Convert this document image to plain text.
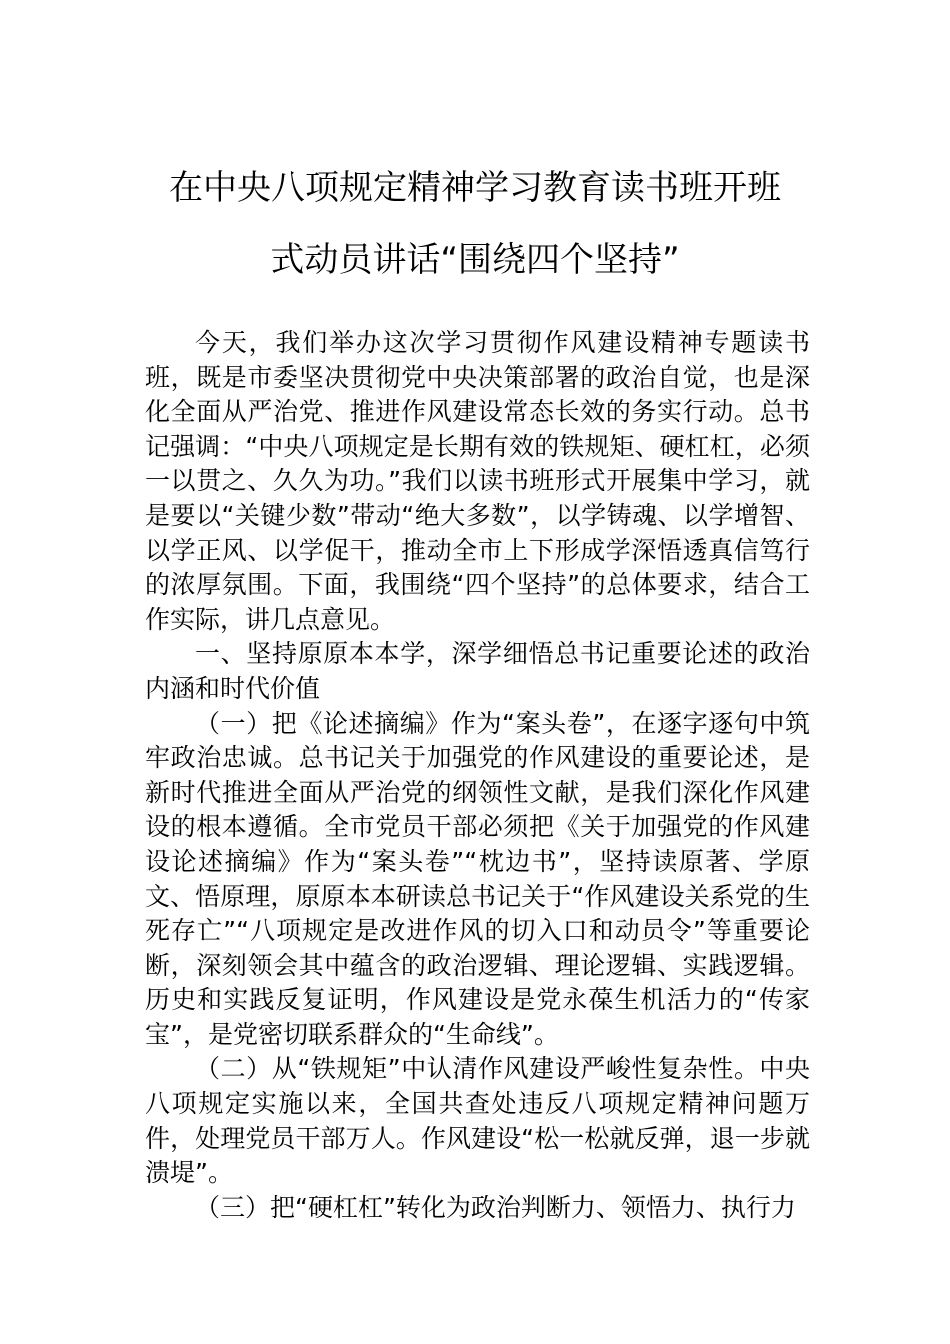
在中央八项规定精神学习教育读书班开班
式动员讲话“围绕四个坚持”

今天，我们举办这次学习贯彻作风建设精神专题读书班，既是市委坚决贯彻党中央决策部署的政治自觉，也是深化全面从严治党、推进作风建设常态长效的务实行动。总书记强调：“中央八项规定是长期有效的铁规矩、硬杠杠，必须一以贯之、久久为功。”我们以读书班形式开展集中学习，就是要以“关键少数”带动“绝大多数”，以学铸魂、以学增智、以学正风、以学促干，推动全市上下形成学深悟透真信笃行的浓厚氛围。下面，我围绕“四个坚持”的总体要求，结合工作实际，讲几点意见。

一、坚持原原本本学，深学细悟总书记重要论述的政治内涵和时代价值

（一）把《论述摘编》作为“案头卷”，在逐字逐句中筑牢政治忠诚。总书记关于加强党的作风建设的重要论述，是新时代推进全面从严治党的纲领性文献，是我们深化作风建设的根本遵循。全市党员干部必须把《关于加强党的作风建设论述摘编》作为“案头卷”“枕边书”，坚持读原著、学原文、悟原理，原原本本研读总书记关于“作风建设关系党的生死存亡”“八项规定是改进作风的切入口和动员令”等重要论断，深刻领会其中蕴含的政治逻辑、理论逻辑、实践逻辑。历史和实践反复证明，作风建设是党永葆生机活力的“传家宝”，是党密切联系群众的“生命线”。

（二）从“铁规矩”中认清作风建设严峻性复杂性。中央八项规定实施以来，全国共查处违反八项规定精神问题万件，处理党员干部万人。作风建设“松一松就反弹，退一步就溃堤”。

（三）把“硬杠杠”转化为政治判断力、领悟力、执行力
